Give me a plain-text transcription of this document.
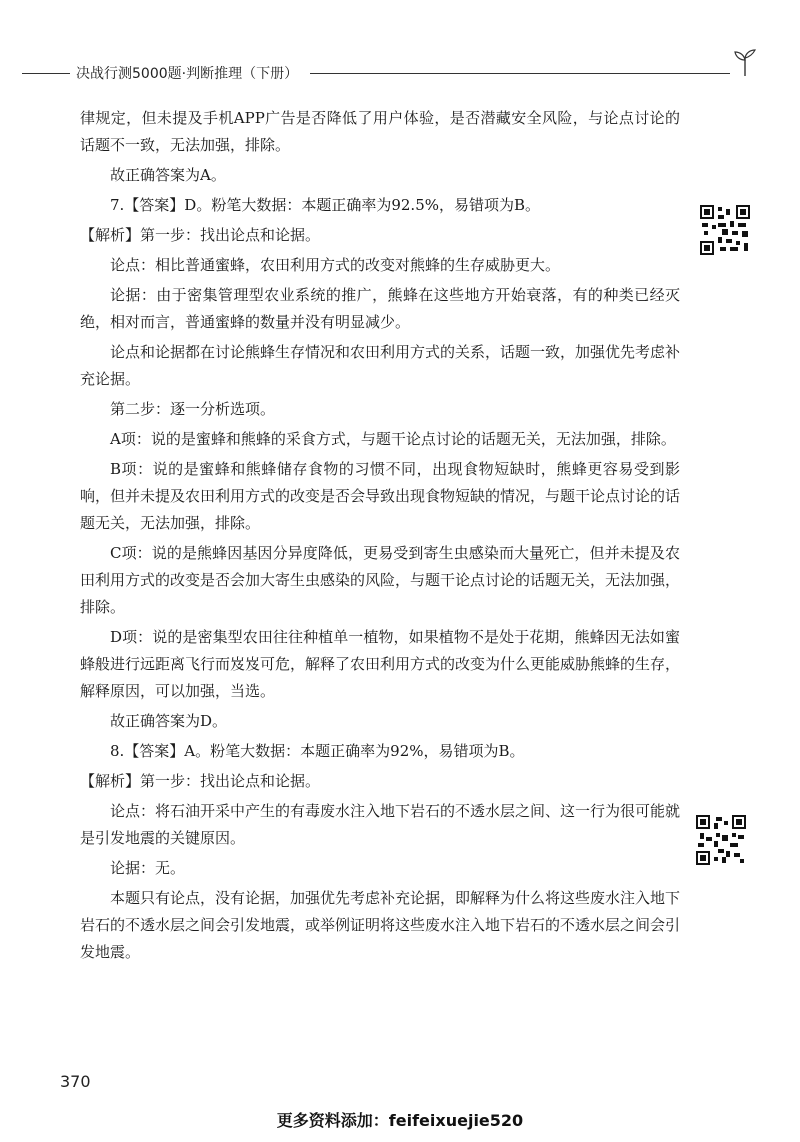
决战行测5000题·判断推理（下册）

律规定，但未提及手机APP广告是否降低了用户体验，是否潜藏安全风险，与论点讨论的话题不一致，无法加强，排除。

故正确答案为A。

7.【答案】D。粉笔大数据：本题正确率为92.5%，易错项为B。

【解析】第一步：找出论点和论据。

论点：相比普通蜜蜂，农田利用方式的改变对熊蜂的生存威胁更大。

论据：由于密集管理型农业系统的推广，熊蜂在这些地方开始衰落，有的种类已经灭绝，相对而言，普通蜜蜂的数量并没有明显减少。

论点和论据都在讨论熊蜂生存情况和农田利用方式的关系，话题一致，加强优先考虑补充论据。

第二步：逐一分析选项。

A项：说的是蜜蜂和熊蜂的采食方式，与题干论点讨论的话题无关，无法加强，排除。

B项：说的是蜜蜂和熊蜂储存食物的习惯不同，出现食物短缺时，熊蜂更容易受到影响，但并未提及农田利用方式的改变是否会导致出现食物短缺的情况，与题干论点讨论的话题无关，无法加强，排除。

C项：说的是熊蜂因基因分异度降低，更易受到寄生虫感染而大量死亡，但并未提及农田利用方式的改变是否会加大寄生虫感染的风险，与题干论点讨论的话题无关，无法加强，排除。

D项：说的是密集型农田往往种植单一植物，如果植物不是处于花期，熊蜂因无法如蜜蜂般进行远距离飞行而岌岌可危，解释了农田利用方式的改变为什么更能威胁熊蜂的生存，解释原因，可以加强，当选。

故正确答案为D。

8.【答案】A。粉笔大数据：本题正确率为92%，易错项为B。

【解析】第一步：找出论点和论据。

论点：将石油开采中产生的有毒废水注入地下岩石的不透水层之间、这一行为很可能就是引发地震的关键原因。

论据：无。

本题只有论点，没有论据，加强优先考虑补充论据，即解释为什么将这些废水注入地下岩石的不透水层之间会引发地震，或举例证明将这些废水注入地下岩石的不透水层之间会引发地震。

370
更多资料添加：feifeixuejie520
